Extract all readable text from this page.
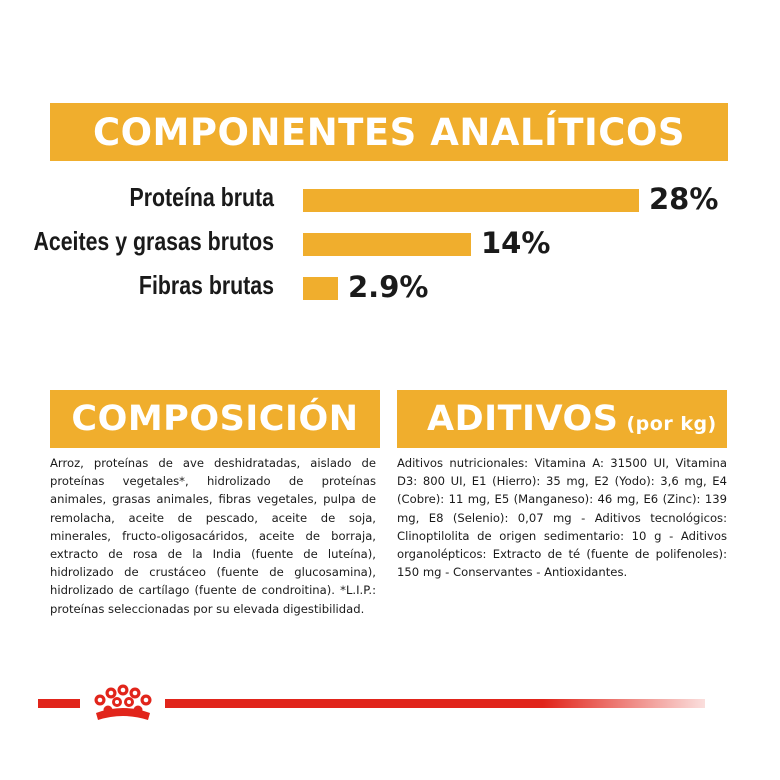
COMPONENTES ANALÍTICOS
Proteína bruta	28%
Aceites y grasas brutos	14%
Fibras brutas	2.9%
COMPOSICIÓN
Arroz, proteínas de ave deshidratadas, aislado de proteínas vegetales*, hidrolizado de proteínas animales, grasas animales, fibras vegetales, pulpa de remolacha, aceite de pescado, aceite de soja, minerales, fructo-oligosacáridos, aceite de borraja, extracto de rosa de la India (fuente de luteína), hidrolizado de crustáceo (fuente de glucosamina), hidrolizado de cartílago (fuente de condroitina). *L.I.P.: proteínas seleccionadas por su elevada digestibilidad.
ADITIVOS (por kg)
Aditivos nutricionales: Vitamina A: 31500 UI, Vitamina D3: 800 UI, E1 (Hierro): 35 mg, E2 (Yodo): 3,6 mg, E4 (Cobre): 11 mg, E5 (Manganeso): 46 mg, E6 (Zinc): 139 mg, E8 (Selenio): 0,07 mg - Aditivos tecnológicos: Clinoptilolita de origen sedimentario: 10 g - Aditivos organolépticos: Extracto de té (fuente de polifenoles): 150 mg - Conservantes - Antioxidantes.
